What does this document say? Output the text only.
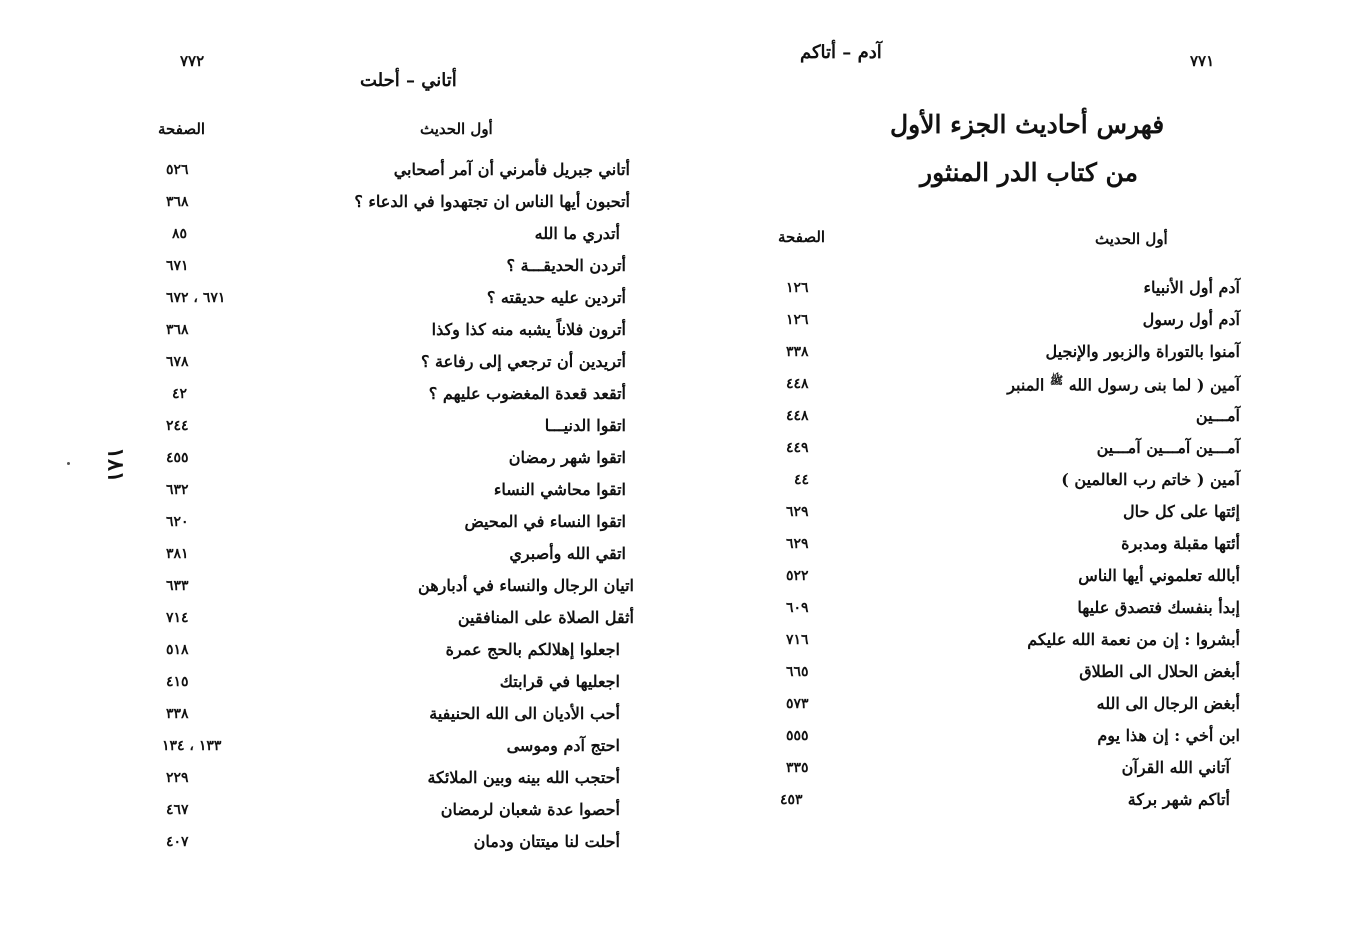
٧٧٢
أتاني – أحلت
أول الحديث
الصفحة
أتاني جبريل فأمرني أن آمر أصحابي
٥٢٦
أتحبون أيها الناس ان تجتهدوا في الدعاء ؟
٣٦٨
أتدري ما الله
٨٥
أتردن الحديقـــة ؟
٦٧١
أتردين عليه حديقته ؟
٦٧١ ، ٦٧٢
أترون فلاناً يشبه منه كذا وكذا
٣٦٨
أتريدين أن ترجعي إلى رفاعة ؟
٦٧٨
أتقعد قعدة المغضوب عليهم ؟
٤٢
اتقوا الدنيـــا
٢٤٤
اتقوا شهر رمضان
٤٥٥
اتقوا محاشي النساء
٦٣٢
اتقوا النساء في المحيض
٦٢٠
اتقي الله وأصبري
٣٨١
اتيان الرجال والنساء في أدبارهن
٦٣٣
أثقل الصلاة على المنافقين
٧١٤
اجعلوا إهلالكم بالحج عمرة
٥١٨
اجعليها في قرابتك
٤١٥
أحب الأديان الى الله الحنيفية
٣٣٨
احتج آدم وموسى
١٣٣ ، ١٣٤
أحتجب الله بينه وبين الملائكة
٢٢٩
أحصوا عدة شعبان لرمضان
٤٦٧
أحلت لنا ميتتان ودمان
٤٠٧
١٨١
٧٧١
آدم – أتاكم
فهرس أحاديث الجزء الأول
من كتاب الدر المنثور
أول الحديث
الصفحة
آدم أول الأنبياء
١٢٦
آدم أول رسول
١٢٦
آمنوا بالتوراة والزبور والإنجيل
٣٣٨
آمين ( لما بنى رسول الله ﷺ المنبر
٤٤٨
آمـــين
٤٤٨
آمـــين آمـــين آمـــين
٤٤٩
آمين ( خاتم رب العالمين )
٤٤
إئتها على كل حال
٦٢٩
أئتها مقبلة ومدبرة
٦٢٩
أبالله تعلموني أيها الناس
٥٢٢
إبدأ بنفسك فتصدق عليها
٦٠٩
أبشروا : إن من نعمة الله عليكم
٧١٦
أبغض الحلال الى الطلاق
٦٦٥
أبغض الرجال الى الله
٥٧٣
ابن أخي : إن هذا يوم
٥٥٥
آتاني الله القرآن
٣٣٥
أتاكم شهر بركة
٤٥٣
